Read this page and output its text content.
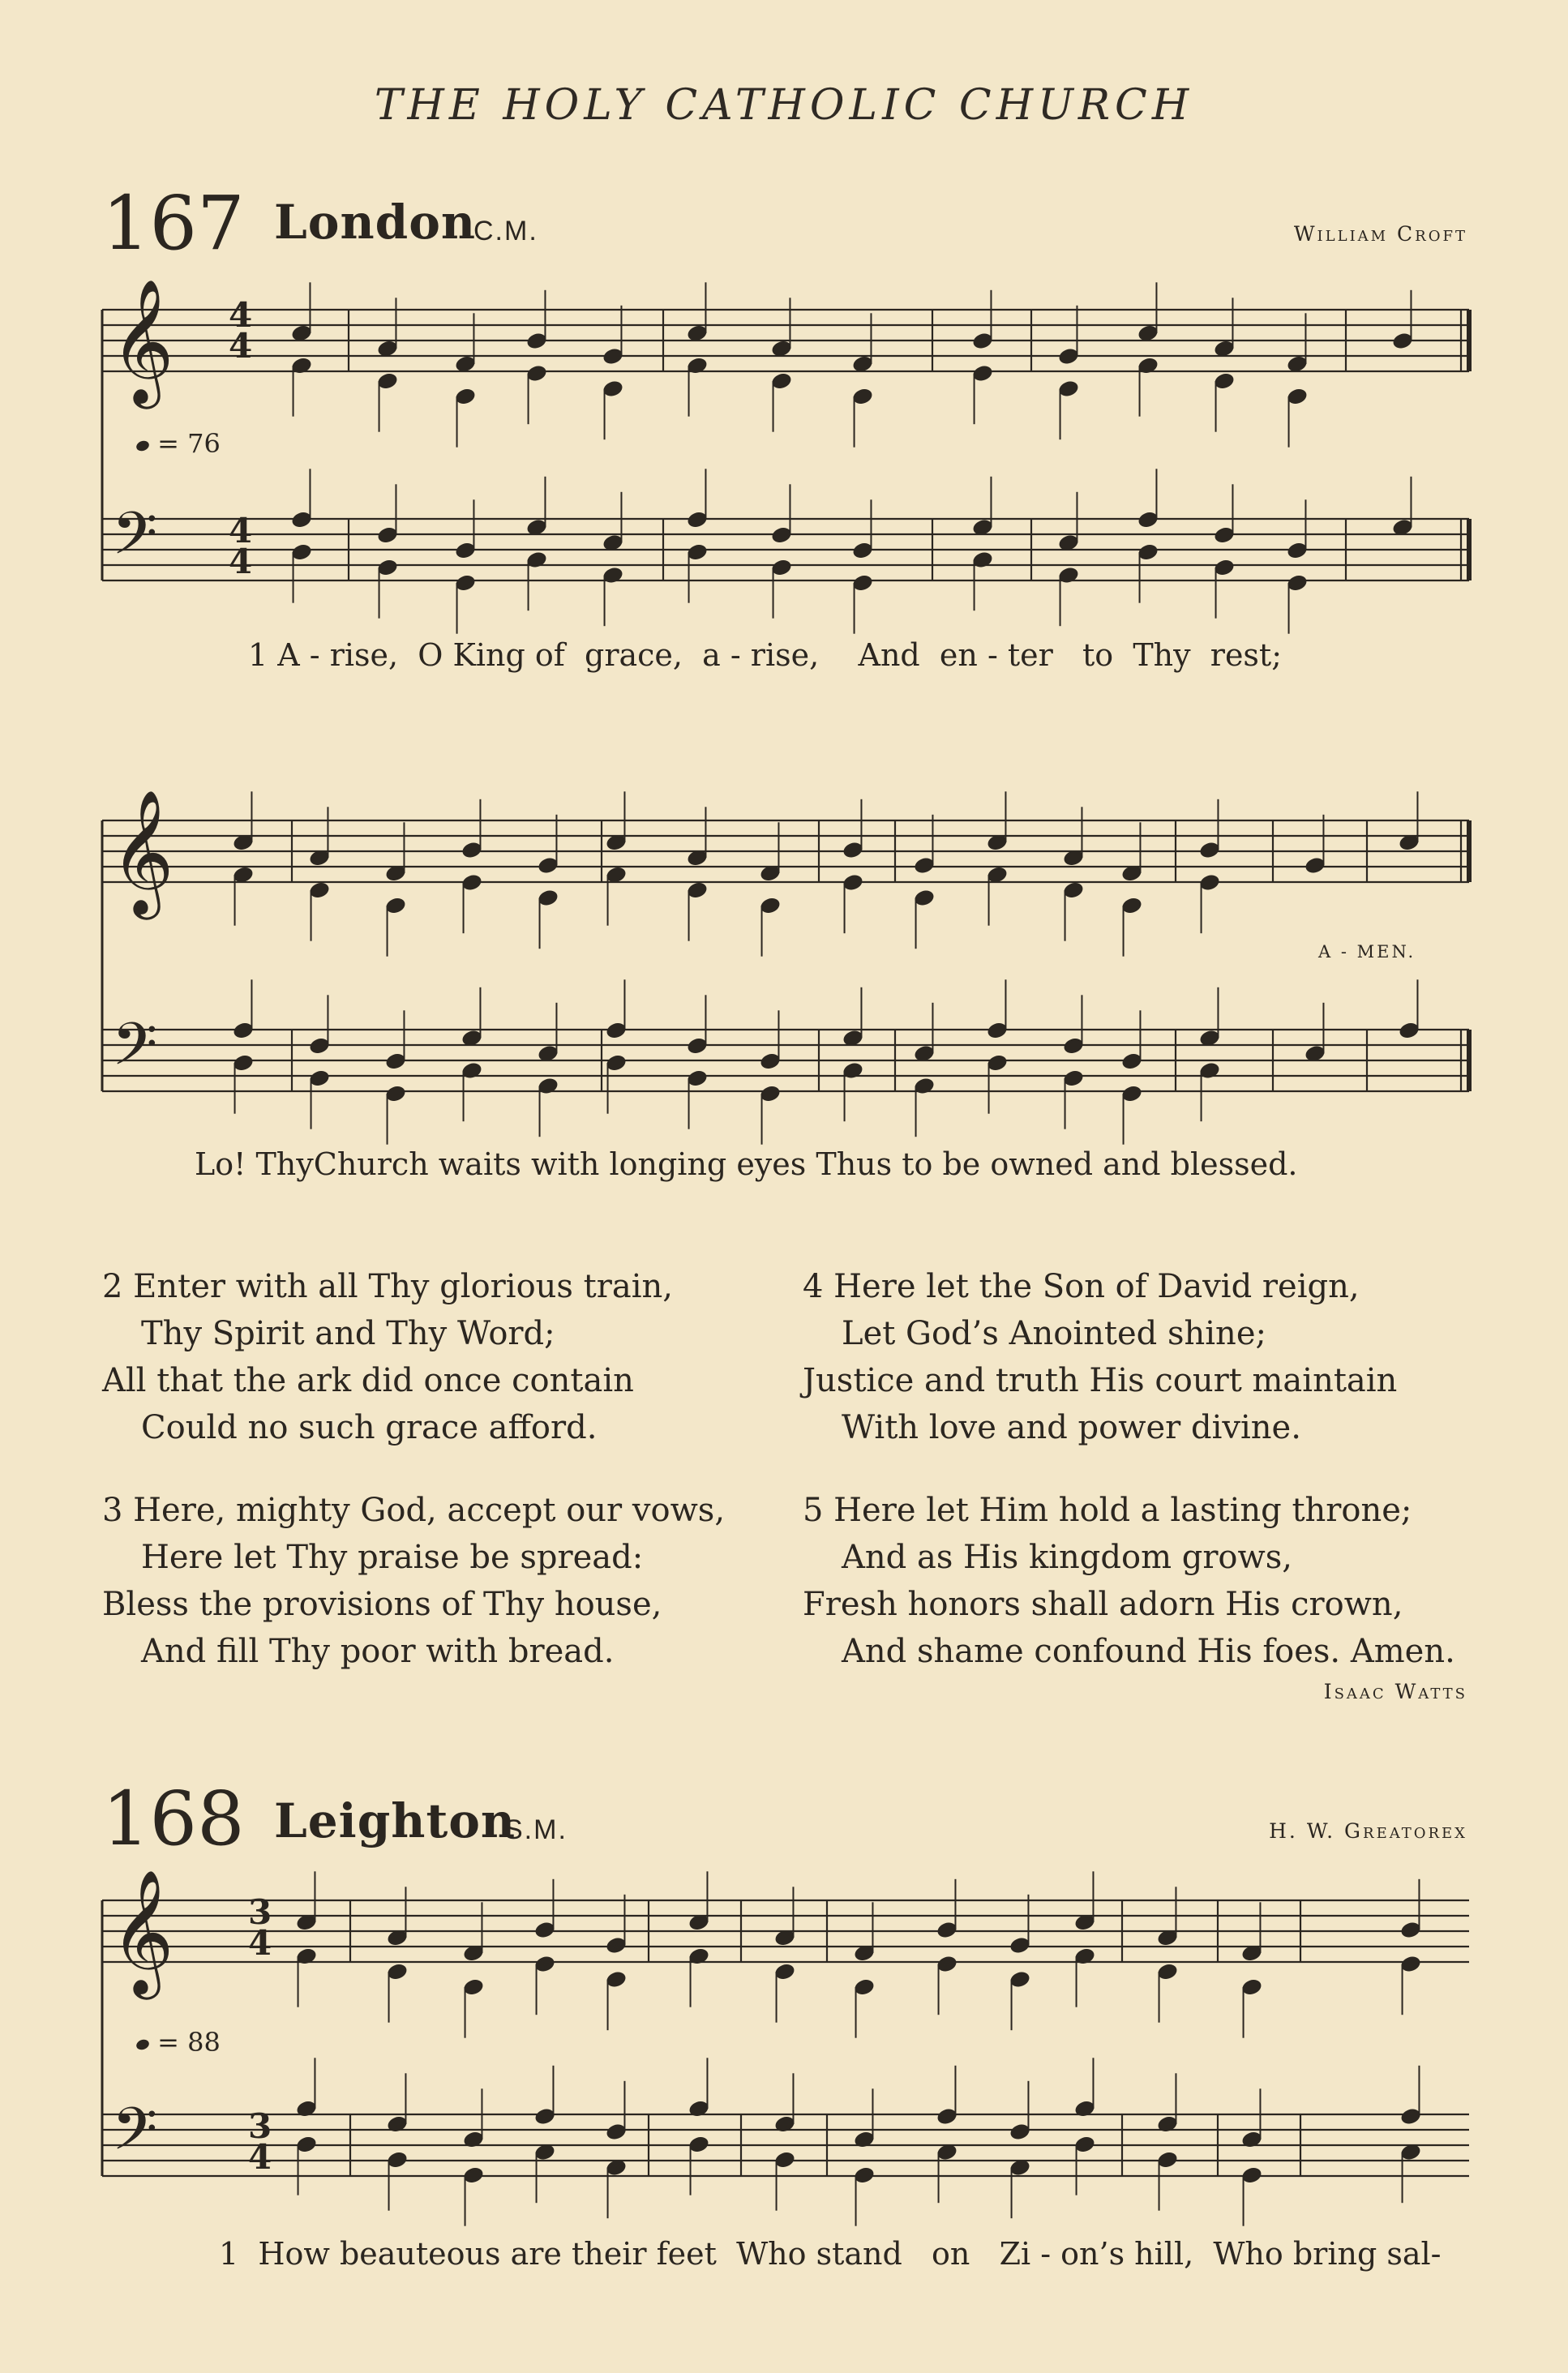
THE HOLY CATHOLIC CHURCH
167 London
C.M.	William Croft
𝄞
𝄢
𝄞
𝄢
𝄞
𝄢
= 76
= 88
4
4
4
4
3
4
3
4
1 A - rise,  O King of  grace,  a - rise,    And  en - ter   to  Thy  rest;
Lo! ThyChurch waits with longing eyes Thus to be owned and blessed.
A - MEN.
2 Enter with all Thy glorious train,
Thy Spirit and Thy Word;
All that the ark did once contain
Could no such grace afford.
3 Here, mighty God, accept our vows,
Here let Thy praise be spread:
Bless the provisions of Thy house,
And fill Thy poor with bread.
4 Here let the Son of David reign,
Let God’s Anointed shine;
Justice and truth His court maintain
With love and power divine.
5 Here let Him hold a lasting throne;
And as His kingdom grows,
Fresh honors shall adorn His crown,
And shame confound His foes. Amen.
Isaac Watts
168 Leighton
S.M.	H. W. Greatorex
1  How beauteous are their feet  Who stand   on   Zi - on’s hill,  Who bring sal-
